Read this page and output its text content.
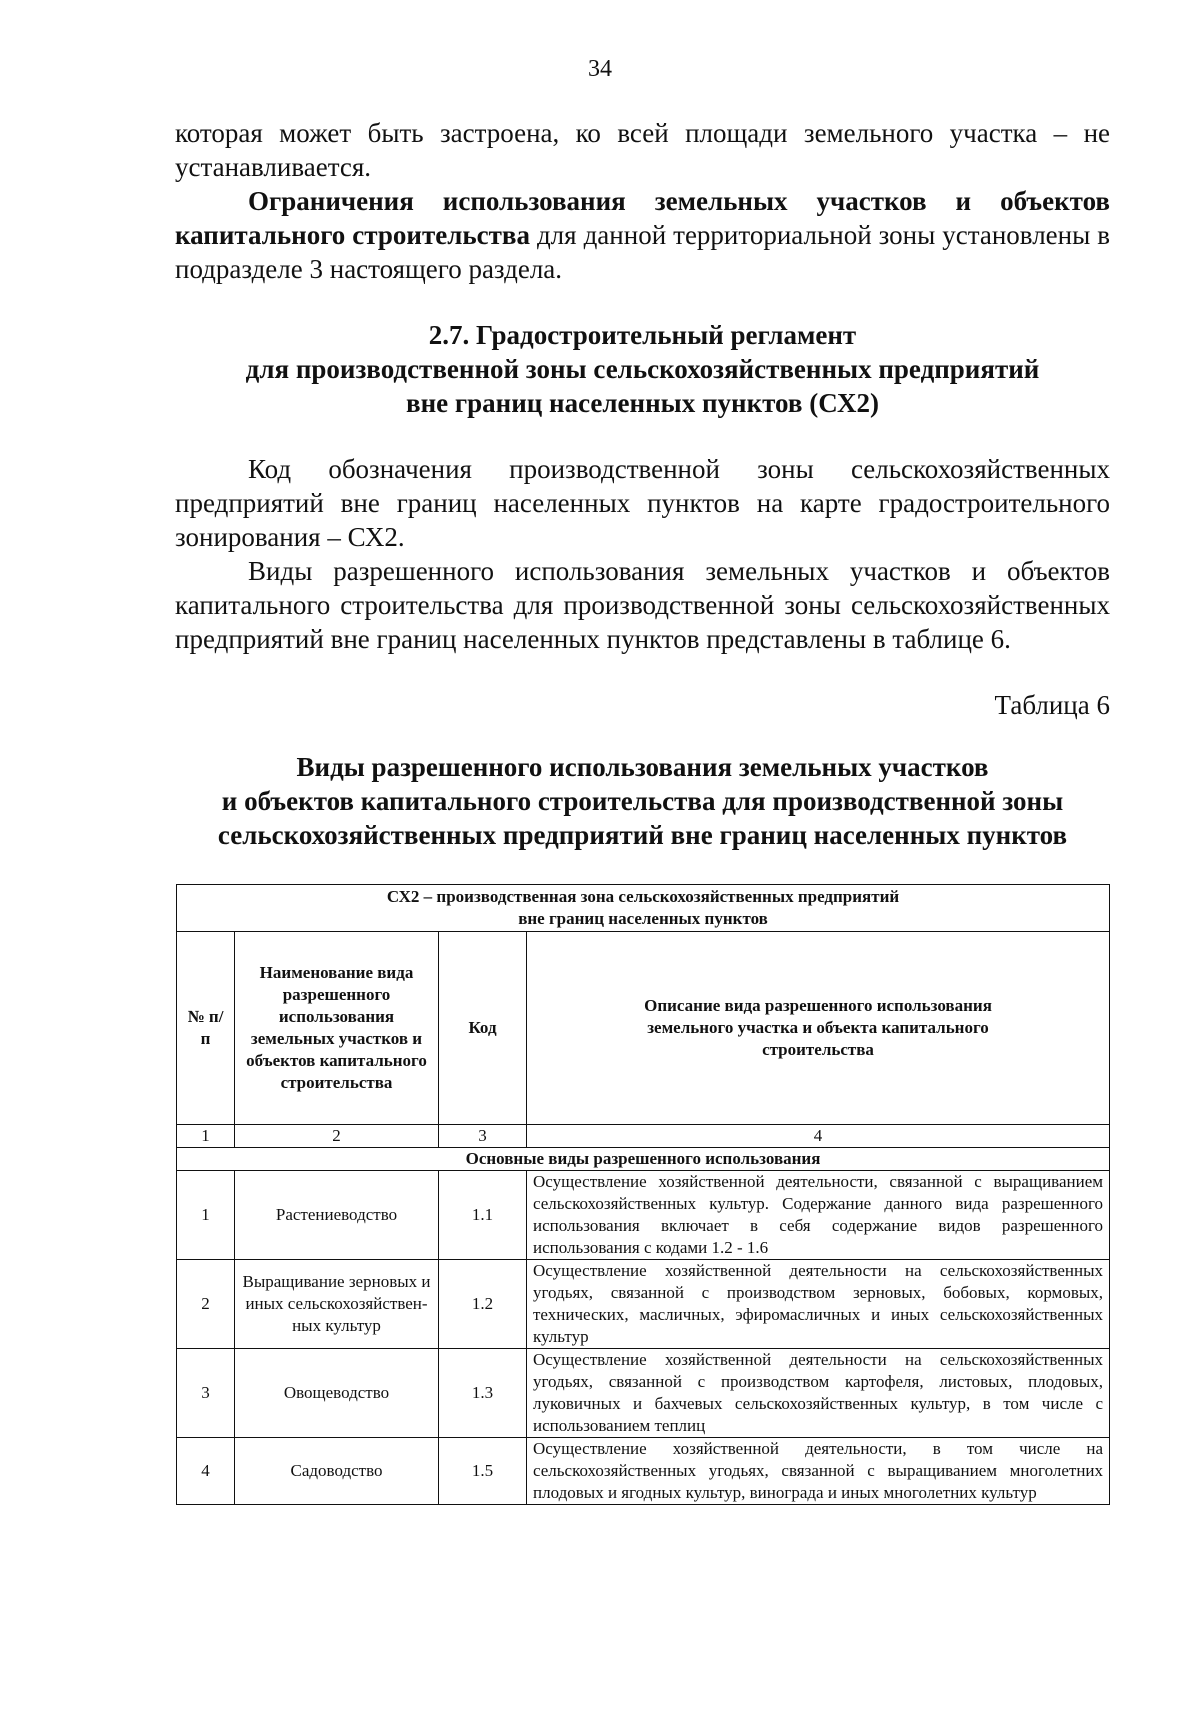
34

которая может быть застроена, ко всей площади земельного участка – не устанавливается.

Ограничения использования земельных участков и объектов капитального строительства для данной территориальной зоны установлены в подразделе 3 настоящего раздела.

2.7. Градостроительный регламент
для производственной зоны сельскохозяйственных предприятий
вне границ населенных пунктов (СХ2)

Код обозначения производственной зоны сельскохозяйственных предприятий вне границ населенных пунктов на карте градостроительного зонирования – СХ2.

Виды разрешенного использования земельных участков и объектов капитального строительства для производственной зоны сельскохозяйственных предприятий вне границ населенных пунктов представлены в таблице 6.

Таблица 6
Виды разрешенного использования земельных участков
и объектов капитального строительства для производственной зоны
сельскохозяйственных предприятий вне границ населенных пунктов
СХ2 – производственная зона сельскохозяйственных предприятий
вне границ населенных пунктов			

№ п/п	Наименование вида разрешенного использования земельных участков и объектов капитального строительства	Код	Описание вида разрешенного использования земельного участка и объекта капитального строительства
1	2	3	4
Основные виды разрешенного использования			
1	Растениеводство	1.1	Осуществление хозяйственной деятельности, связанной с выращиванием сельскохозяйственных культур. Содержание данного вида разрешенного использования включает в себя содержание видов разрешенного использования с кодами 1.2 - 1.6
2	Выращивание зерновых и иных сельскохозяйствен-ных культур	1.2	Осуществление хозяйственной деятельности на сельскохозяйственных угодьях, связанной с производством зерновых, бобовых, кормовых, технических, масличных, эфиромасличных и иных сельскохозяйственных культур
3	Овощеводство	1.3	Осуществление хозяйственной деятельности на сельскохозяйственных угодьях, связанной с производством картофеля, листовых, плодовых, луковичных и бахчевых сельскохозяйственных культур, в том числе с использованием теплиц
4	Садоводство	1.5	Осуществление хозяйственной деятельности, в том числе на сельскохозяйственных угодьях, связанной с выращиванием многолетних плодовых и ягодных культур, винограда и иных многолетних культур
